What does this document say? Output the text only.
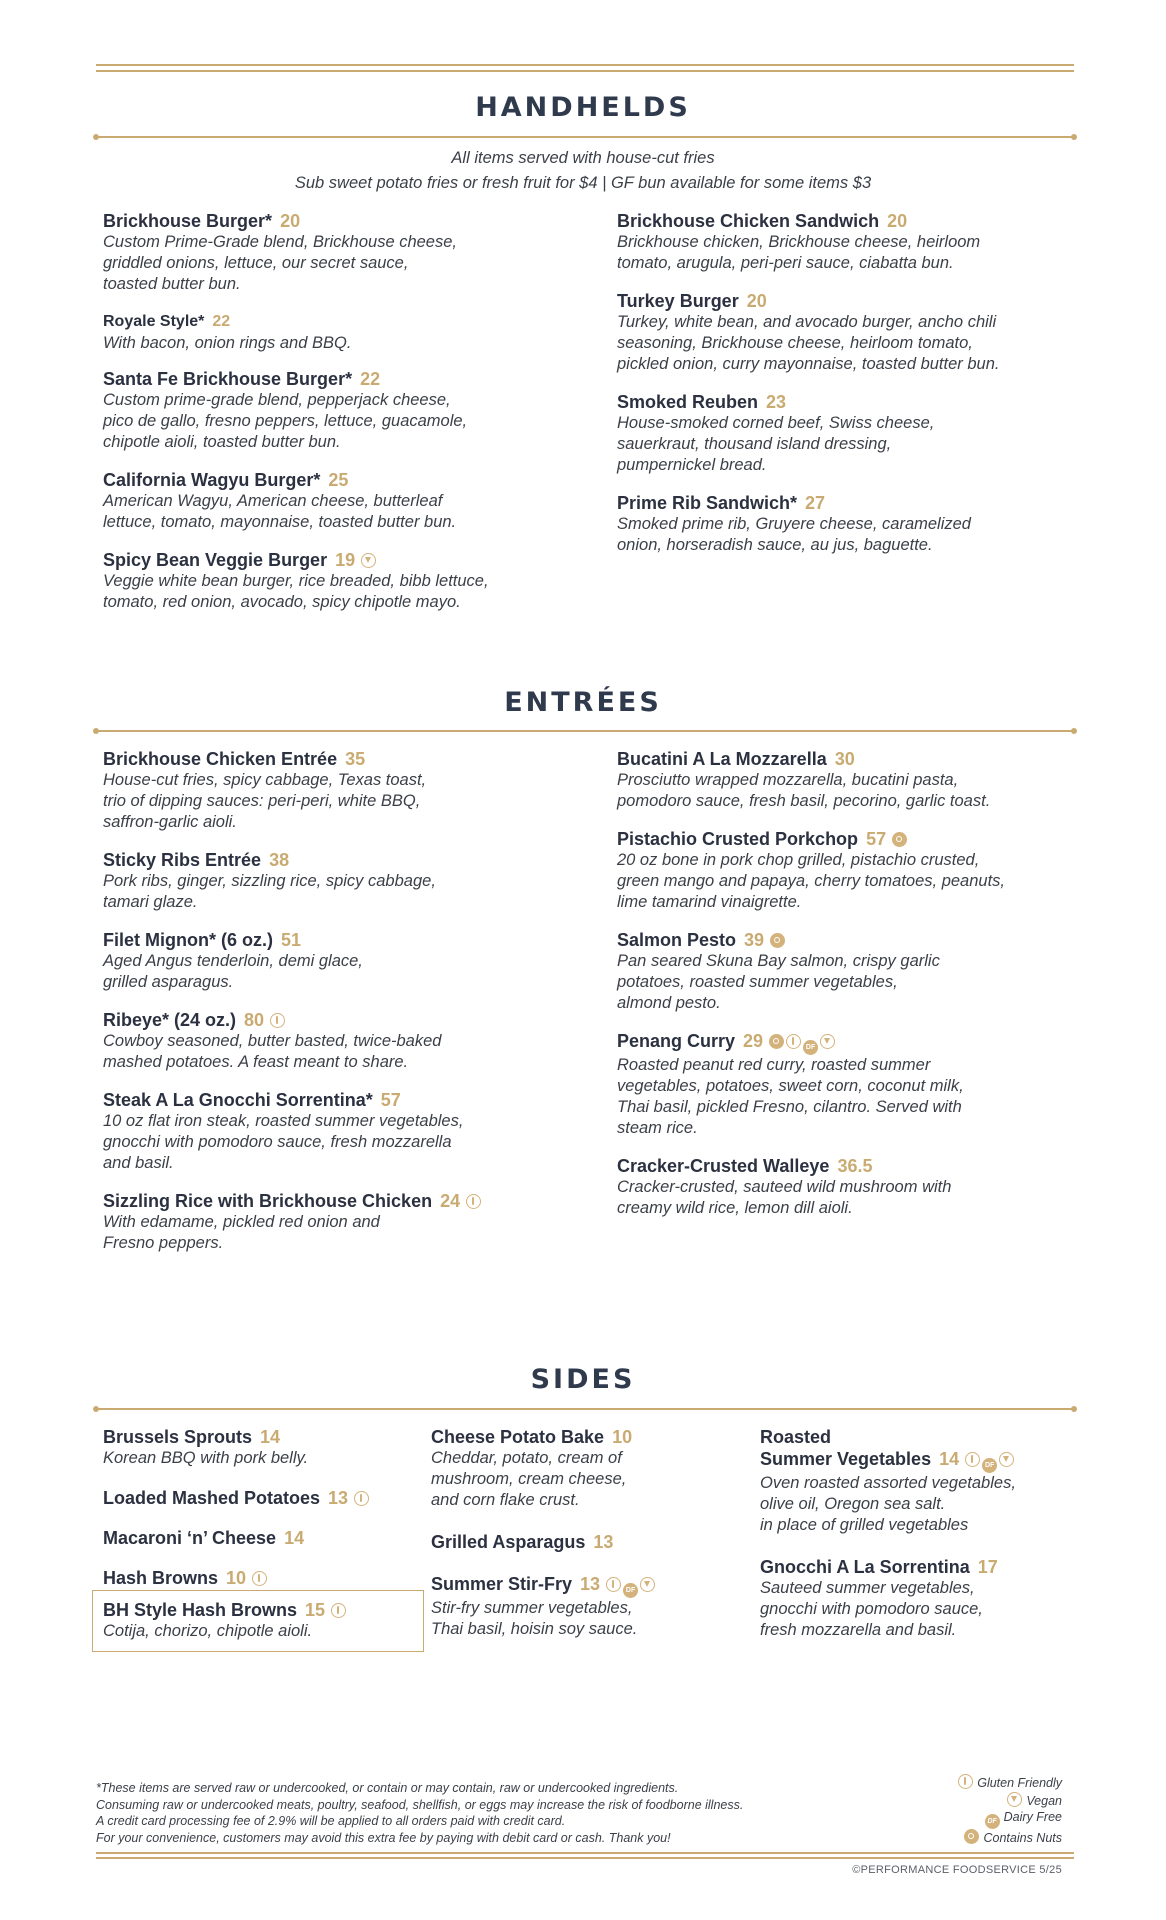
HANDHELDS
All items served with house-cut fries
Sub sweet potato fries or fresh fruit for $4 | GF bun available for some items $3
Brickhouse Burger* 20
Custom Prime-Grade blend, Brickhouse cheese,
griddled onions, lettuce, our secret sauce,
toasted butter bun.
Royale Style* 22
With bacon, onion rings and BBQ.
Santa Fe Brickhouse Burger* 22
Custom prime-grade blend, pepperjack cheese,
pico de gallo, fresno peppers, lettuce, guacamole,
chipotle aioli, toasted butter bun.
California Wagyu Burger* 25
American Wagyu, American cheese, butterleaf
lettuce, tomato, mayonnaise, toasted butter bun.
Spicy Bean Veggie Burger 19
Veggie white bean burger, rice breaded, bibb lettuce,
tomato, red onion, avocado, spicy chipotle mayo.
Brickhouse Chicken Sandwich 20
Brickhouse chicken, Brickhouse cheese, heirloom
tomato, arugula, peri-peri sauce, ciabatta bun.
Turkey Burger 20
Turkey, white bean, and avocado burger, ancho chili
seasoning, Brickhouse cheese, heirloom tomato,
pickled onion, curry mayonnaise, toasted butter bun.
Smoked Reuben 23
House-smoked corned beef, Swiss cheese,
sauerkraut, thousand island dressing,
pumpernickel bread.
Prime Rib Sandwich* 27
Smoked prime rib, Gruyere cheese, caramelized
onion, horseradish sauce, au jus, baguette.
ENTRÉES
Brickhouse Chicken Entrée 35
House-cut fries, spicy cabbage, Texas toast,
trio of dipping sauces: peri-peri, white BBQ,
saffron-garlic aioli.
Sticky Ribs Entrée 38
Pork ribs, ginger, sizzling rice, spicy cabbage,
tamari glaze.
Filet Mignon* (6 oz.) 51
Aged Angus tenderloin, demi glace,
grilled asparagus.
Ribeye* (24 oz.) 80
Cowboy seasoned, butter basted, twice-baked
mashed potatoes. A feast meant to share.
Steak A La Gnocchi Sorrentina* 57
10 oz flat iron steak, roasted summer vegetables,
gnocchi with pomodoro sauce, fresh mozzarella
and basil.
Sizzling Rice with Brickhouse Chicken 24
With edamame, pickled red onion and
Fresno peppers.
Bucatini A La Mozzarella 30
Prosciutto wrapped mozzarella, bucatini pasta,
pomodoro sauce, fresh basil, pecorino, garlic toast.
Pistachio Crusted Porkchop 57
20 oz bone in pork chop grilled, pistachio crusted,
green mango and papaya, cherry tomatoes, peanuts,
lime tamarind vinaigrette.
Salmon Pesto 39
Pan seared Skuna Bay salmon, crispy garlic
potatoes, roasted summer vegetables,
almond pesto.
Penang Curry 29	DF
Roasted peanut red curry, roasted summer
vegetables, potatoes, sweet corn, coconut milk,
Thai basil, pickled Fresno, cilantro. Served with
steam rice.
Cracker-Crusted Walleye 36.5
Cracker-crusted, sauteed wild mushroom with
creamy wild rice, lemon dill aioli.
SIDES
Brussels Sprouts 14
Korean BBQ with pork belly.
Loaded Mashed Potatoes 13
Macaroni ‘n’ Cheese 14
Hash Browns 10
BH Style Hash Browns 15
Cotija, chorizo, chipotle aioli.
Cheese Potato Bake 10
Cheddar, potato, cream of
mushroom, cream cheese,
and corn flake crust.
Grilled Asparagus 13
Summer Stir-Fry 13	DF
Stir-fry summer vegetables,
Thai basil, hoisin soy sauce.
Roasted
Summer Vegetables 14	DF
Oven roasted assorted vegetables,
olive oil, Oregon sea salt.
in place of grilled vegetables
Gnocchi A La Sorrentina 17
Sauteed summer vegetables,
gnocchi with pomodoro sauce,
fresh mozzarella and basil.
*These items are served raw or undercooked, or contain or may contain, raw or undercooked ingredients.
Consuming raw or undercooked meats, poultry, seafood, shellfish, or eggs may increase the risk of foodborne illness.
A credit card processing fee of 2.9% will be applied to all orders paid with credit card.
For your convenience, customers may avoid this extra fee by paying with debit card or cash. Thank you!
Gluten Friendly
Vegan
DF Dairy Free
Contains Nuts
©PERFORMANCE FOODSERVICE 5/25
